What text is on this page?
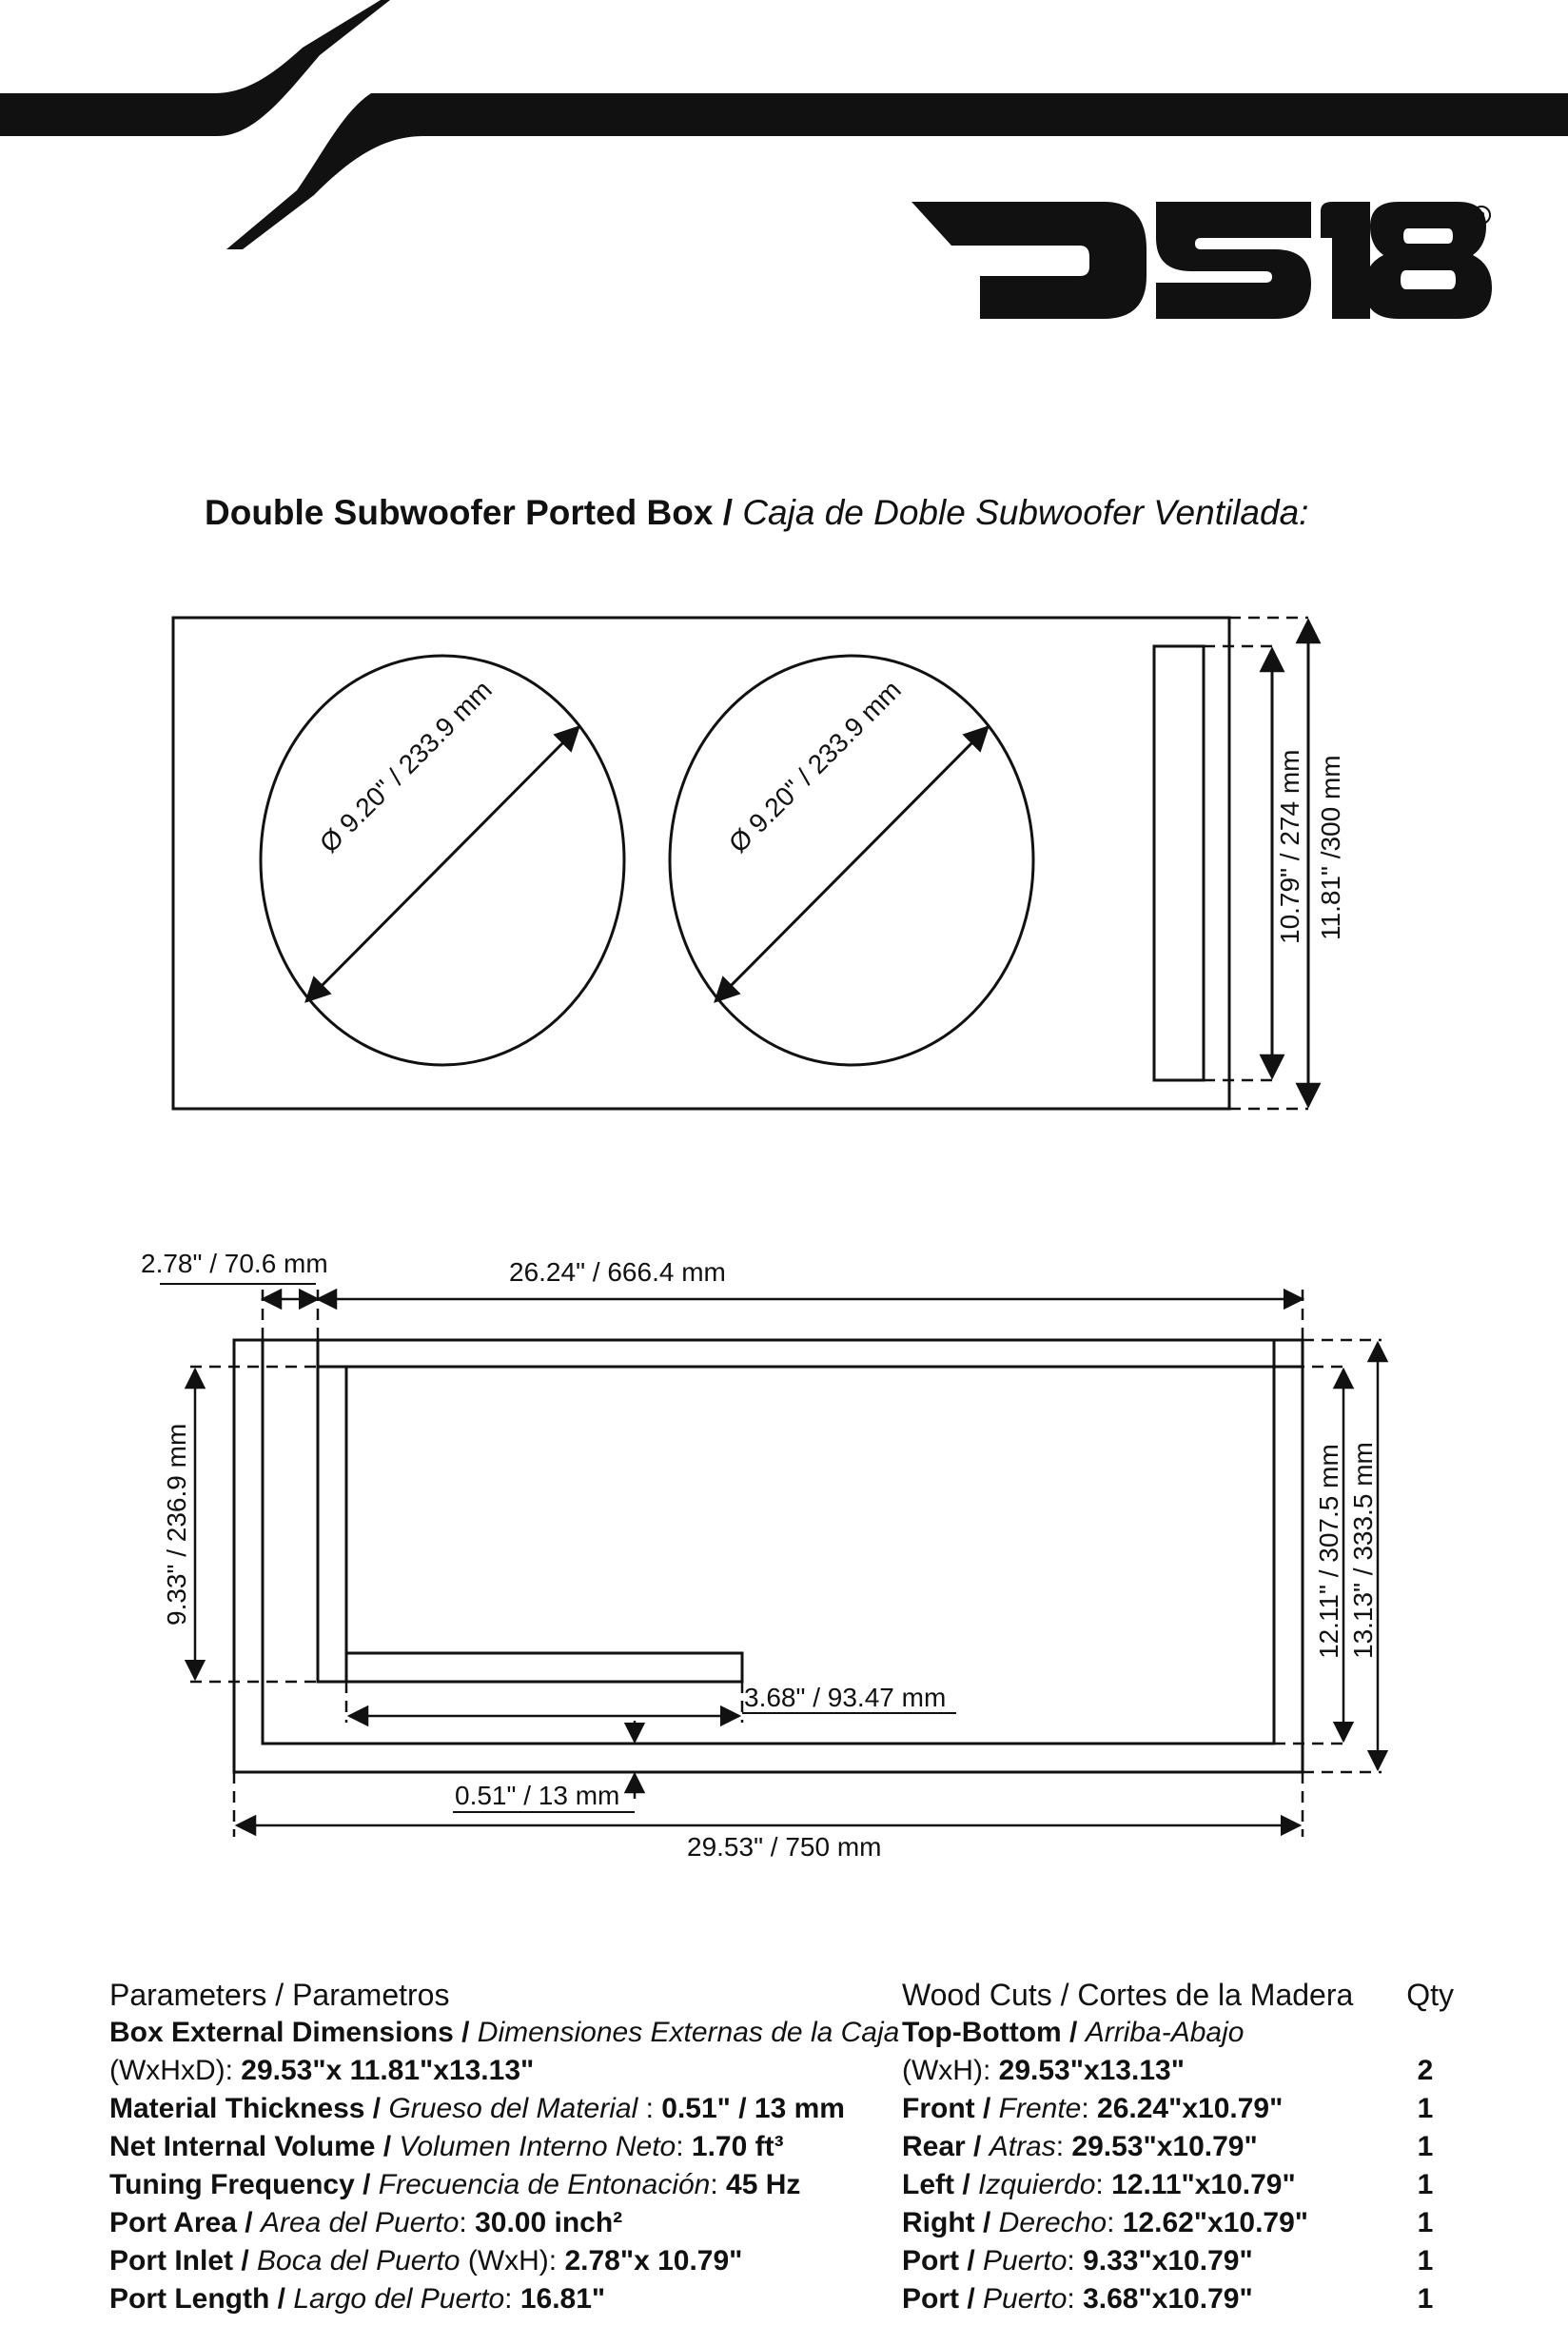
R
Double Subwoofer Ported Box / Caja de Doble Subwoofer Ventilada:
Ø 9.20" / 233.9 mm	Ø 9.20" / 233.9 mm	10.79" / 274 mm 11.81" /300 mm
2.78" / 70.6 mm	26.24" / 666.4 mm
9.33" / 236.9 mm	12.11" / 307.5 mm 13.13" / 333.5 mm
3.68" / 93.47 mm
0.51" / 13 mm
29.53" / 750 mm
Parameters / Parametros
Box External Dimensions / Dimensiones Externas de la Caja
(WxHxD): 29.53"x 11.81"x13.13"
Material Thickness / Grueso del Material : 0.51" / 13 mm
Net Internal Volume / Volumen Interno Neto: 1.70 ft³
Tuning Frequency / Frecuencia de Entonación: 45 Hz
Port Area / Area del Puerto: 30.00 inch²
Port Inlet / Boca del Puerto (WxH): 2.78"x 10.79"
Port Length / Largo del Puerto: 16.81"
Wood Cuts / Cortes de la Madera Qty
Top-Bottom / Arriba-Abajo
(WxH): 29.53"x13.13"	2
Front / Frente: 26.24"x10.79"	1
Rear / Atras: 29.53"x10.79"	1
Left / Izquierdo: 12.11"x10.79"	1
Right / Derecho: 12.62"x10.79"	1
Port / Puerto: 9.33"x10.79"	1
Port / Puerto: 3.68"x10.79"	1
